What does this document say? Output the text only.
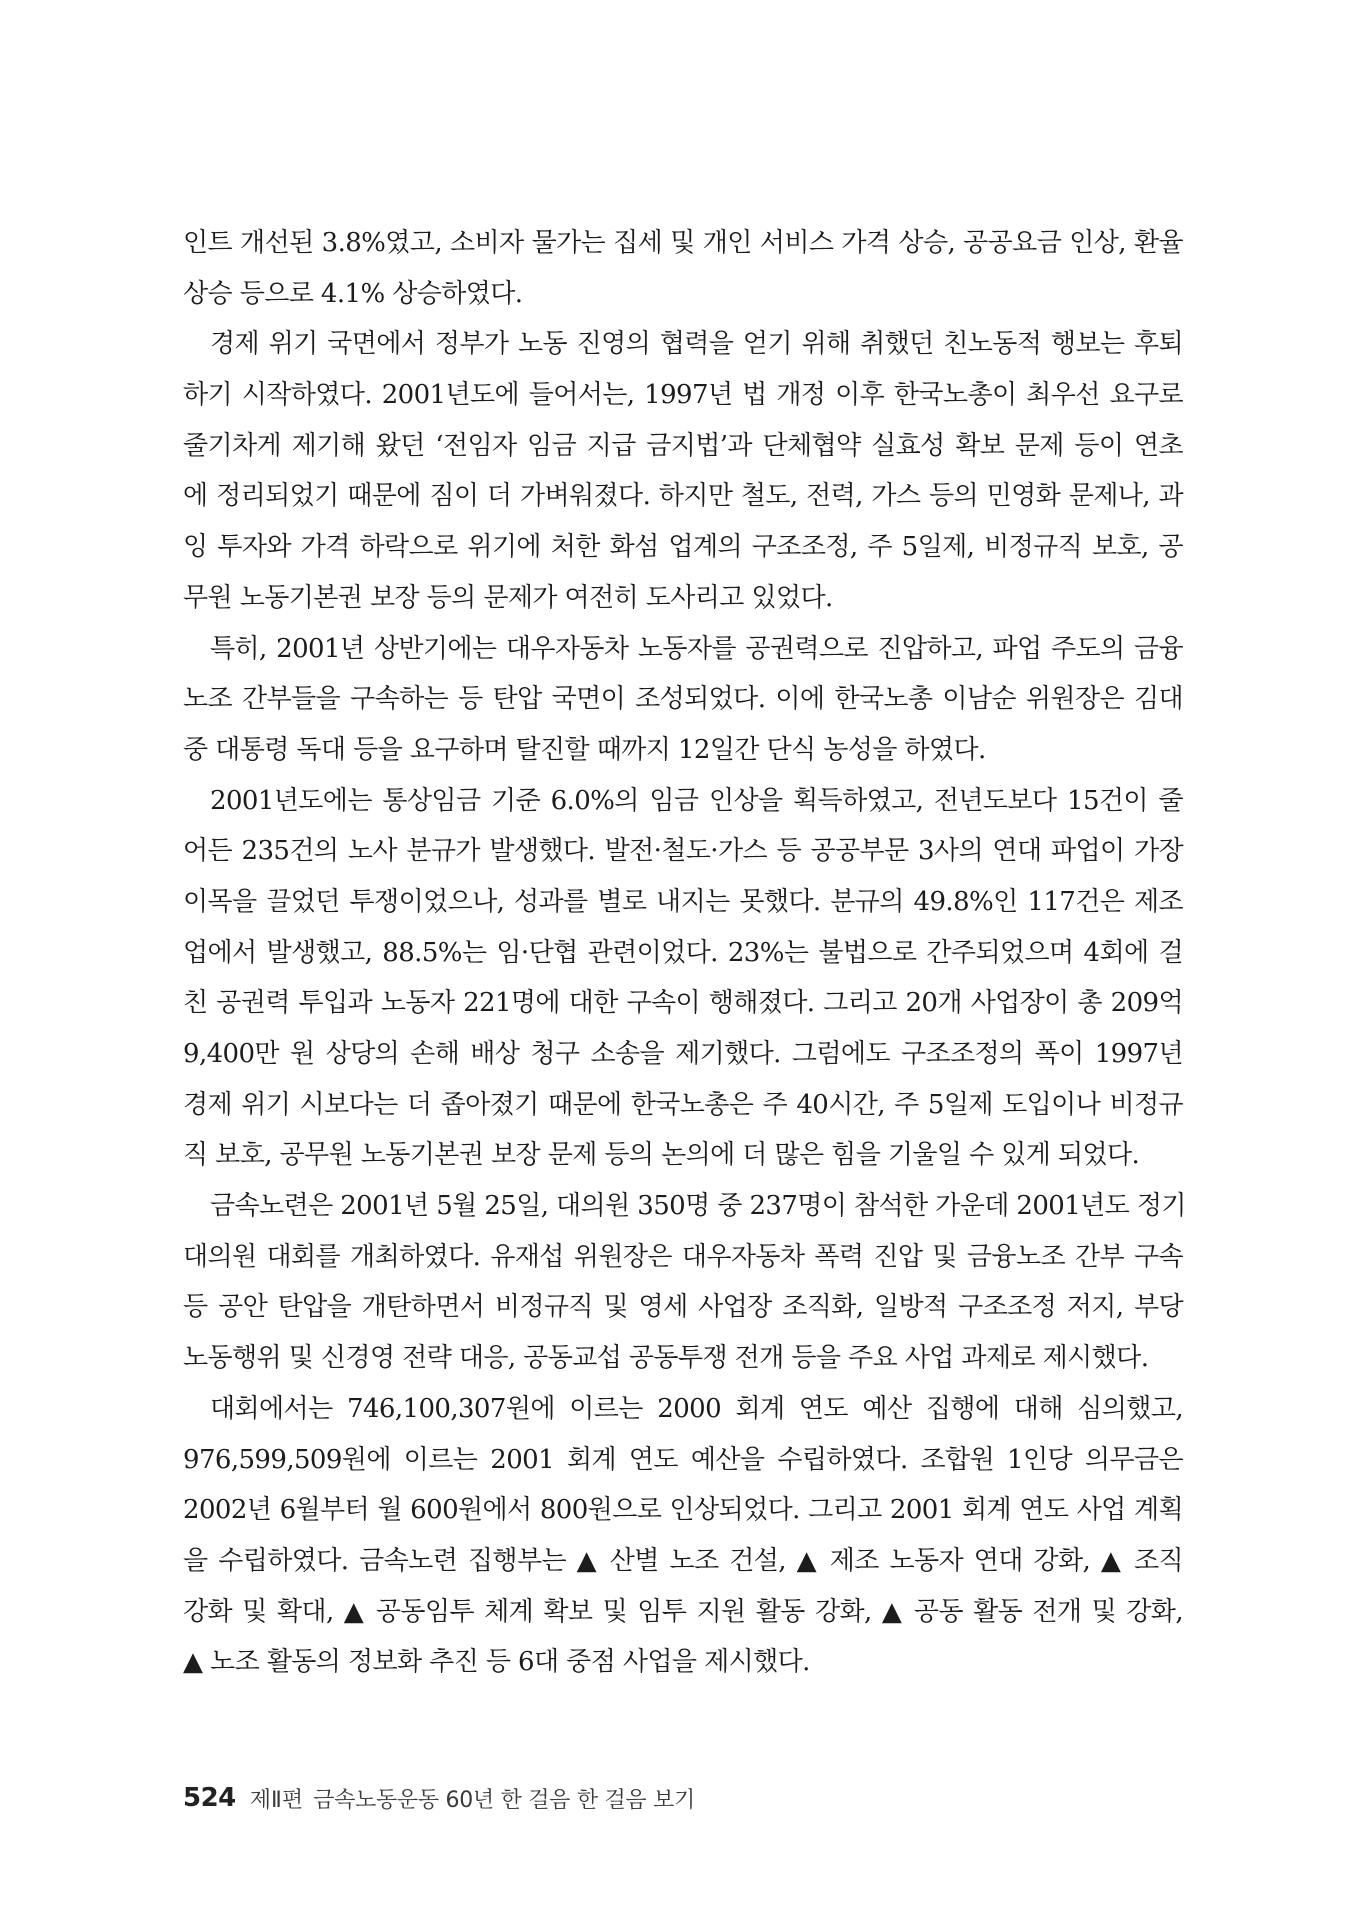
인트 개선된 3.8%였고, 소비자 물가는 집세 및 개인 서비스 가격 상승, 공공요금 인상, 환율
상승 등으로 4.1% 상승하였다.
경제 위기 국면에서 정부가 노동 진영의 협력을 얻기 위해 취했던 친노동적 행보는 후퇴
하기 시작하였다. 2001년도에 들어서는, 1997년 법 개정 이후 한국노총이 최우선 요구로
줄기차게 제기해 왔던 ‘전임자 임금 지급 금지법’과 단체협약 실효성 확보 문제 등이 연초
에 정리되었기 때문에 짐이 더 가벼워졌다. 하지만 철도, 전력, 가스 등의 민영화 문제나, 과
잉 투자와 가격 하락으로 위기에 처한 화섬 업계의 구조조정, 주 5일제, 비정규직 보호, 공
무원 노동기본권 보장 등의 문제가 여전히 도사리고 있었다.
특히, 2001년 상반기에는 대우자동차 노동자를 공권력으로 진압하고, 파업 주도의 금융
노조 간부들을 구속하는 등 탄압 국면이 조성되었다. 이에 한국노총 이남순 위원장은 김대
중 대통령 독대 등을 요구하며 탈진할 때까지 12일간 단식 농성을 하였다.
2001년도에는 통상임금 기준 6.0%의 임금 인상을 획득하였고, 전년도보다 15건이 줄
어든 235건의 노사 분규가 발생했다. 발전·철도·가스 등 공공부문 3사의 연대 파업이 가장
이목을 끌었던 투쟁이었으나, 성과를 별로 내지는 못했다. 분규의 49.8%인 117건은 제조
업에서 발생했고, 88.5%는 임·단협 관련이었다. 23%는 불법으로 간주되었으며 4회에 걸
친 공권력 투입과 노동자 221명에 대한 구속이 행해졌다. 그리고 20개 사업장이 총 209억
9,400만 원 상당의 손해 배상 청구 소송을 제기했다. 그럼에도 구조조정의 폭이 1997년
경제 위기 시보다는 더 좁아졌기 때문에 한국노총은 주 40시간, 주 5일제 도입이나 비정규
직 보호, 공무원 노동기본권 보장 문제 등의 논의에 더 많은 힘을 기울일 수 있게 되었다.
금속노련은 2001년 5월 25일, 대의원 350명 중 237명이 참석한 가운데 2001년도 정기
대의원 대회를 개최하였다. 유재섭 위원장은 대우자동차 폭력 진압 및 금융노조 간부 구속
등 공안 탄압을 개탄하면서 비정규직 및 영세 사업장 조직화, 일방적 구조조정 저지, 부당
노동행위 및 신경영 전략 대응, 공동교섭 공동투쟁 전개 등을 주요 사업 과제로 제시했다.
대회에서는 746,100,307원에 이르는 2000 회계 연도 예산 집행에 대해 심의했고,
976,599,509원에 이르는 2001 회계 연도 예산을 수립하였다. 조합원 1인당 의무금은
2002년 6월부터 월 600원에서 800원으로 인상되었다. 그리고 2001 회계 연도 사업 계획
을 수립하였다. 금속노련 집행부는 ▲ 산별 노조 건설, ▲ 제조 노동자 연대 강화, ▲ 조직
강화 및 확대, ▲ 공동임투 체계 확보 및 임투 지원 활동 강화, ▲ 공동 활동 전개 및 강화,
▲ 노조 활동의 정보화 추진 등 6대 중점 사업을 제시했다.
524 제Ⅱ편 금속노동운동 60년 한 걸음 한 걸음 보기
